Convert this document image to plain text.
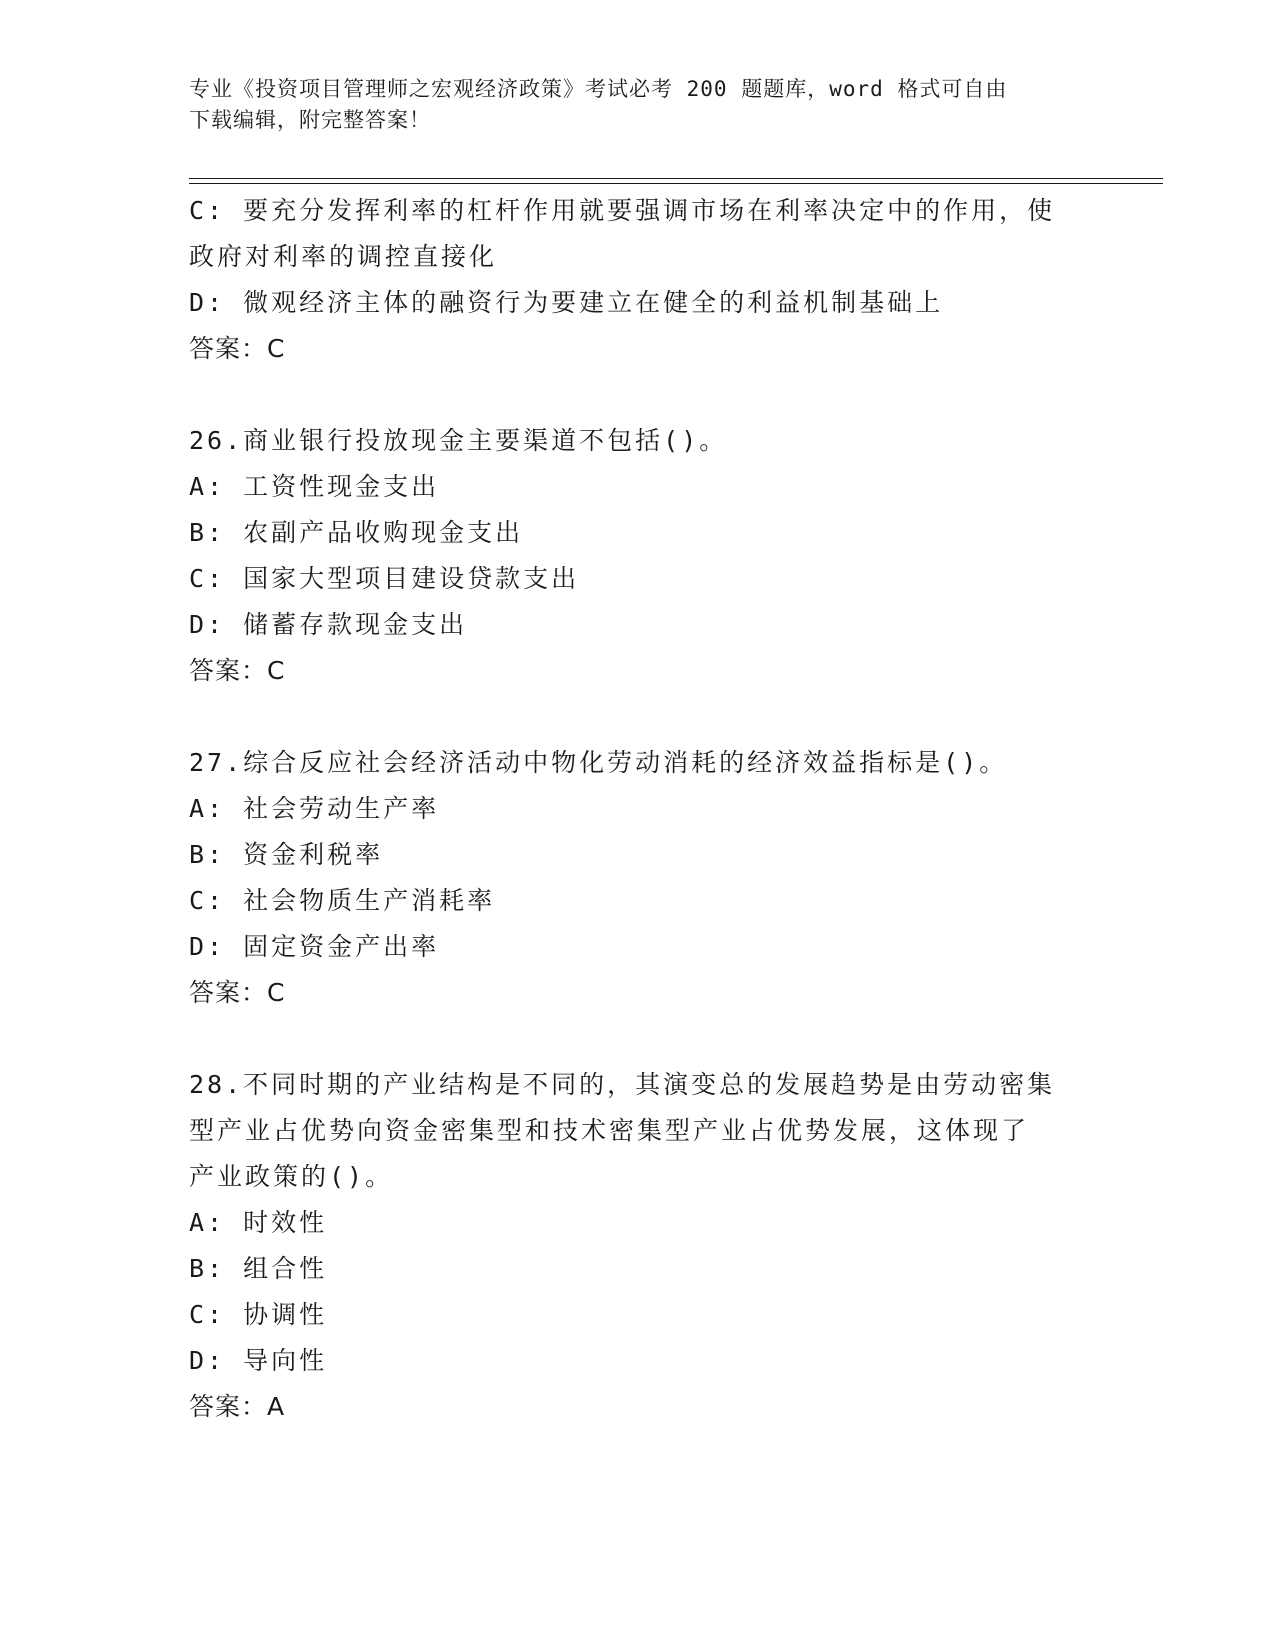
专业《投资项目管理师之宏观经济政策》考试必考 200 题题库，word 格式可自由
下载编辑，附完整答案！
C: 要充分发挥利率的杠杆作用就要强调市场在利率决定中的作用，使
政府对利率的调控直接化
D: 微观经济主体的融资行为要建立在健全的利益机制基础上
答案：C
26.商业银行投放现金主要渠道不包括()。
A: 工资性现金支出
B: 农副产品收购现金支出
C: 国家大型项目建设贷款支出
D: 储蓄存款现金支出
答案：C
27.综合反应社会经济活动中物化劳动消耗的经济效益指标是()。
A: 社会劳动生产率
B: 资金利税率
C: 社会物质生产消耗率
D: 固定资金产出率
答案：C
28.不同时期的产业结构是不同的，其演变总的发展趋势是由劳动密集
型产业占优势向资金密集型和技术密集型产业占优势发展，这体现了
产业政策的()。
A: 时效性
B: 组合性
C: 协调性
D: 导向性
答案：A
